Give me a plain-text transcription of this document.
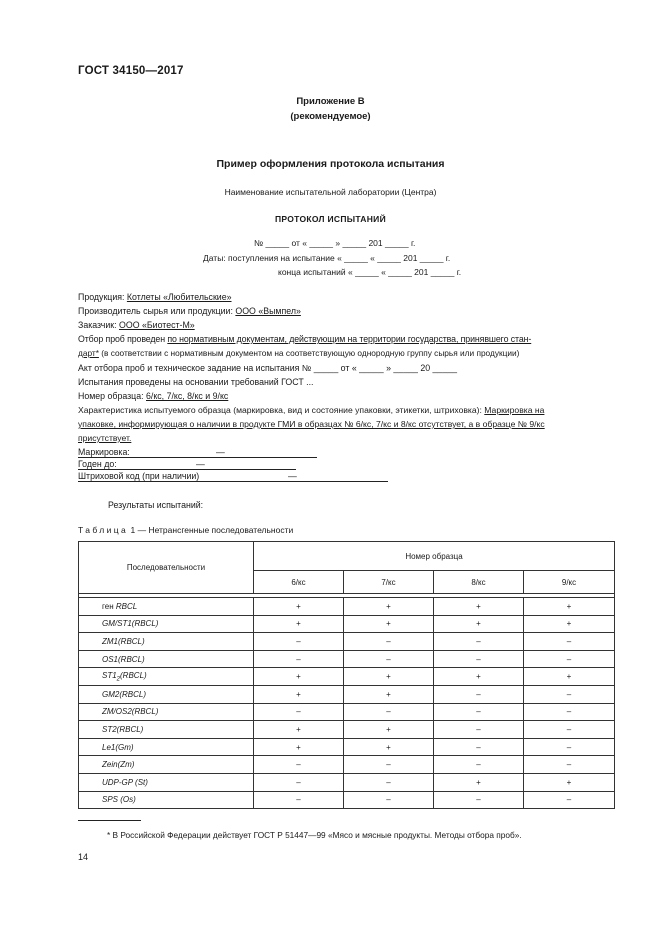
ГОСТ 34150—2017
Приложение В
(рекомендуемое)
Пример оформления протокола испытания
Наименование испытательной лаборатории (Центра)
ПРОТОКОЛ ИСПЫТАНИЙ
№ _____ от « _____ » _____ 201 _____ г.
Даты: поступления на испытание « _____ « _____ 201 _____ г.
конца испытаний « _____ « _____ 201 _____ г.
Продукция: Котлеты «Любительские»
Производитель сырья или продукции: ООО «Вымпел»
Заказчик: ООО «Биотест-М»
Отбор проб проведен по нормативным документам, действующим на территории государства, принявшего стан-
дарт* (в соответствии с нормативным документом на соответствующую однородную группу сырья или продукции)
Акт отбора проб и техническое задание на испытания № _____ от « _____ » _____ 20 _____
Испытания проведены на основании требований ГОСТ ...
Номер образца: 6/кс, 7/кс, 8/кс и 9/кс
Характеристика испытуемого образца (маркировка, вид и состояние упаковки, этикетки, штриховка): Маркировка на
упаковке, информирующая о наличии в продукте ГМИ в образцах № 6/кс, 7/кс и 8/кс отсутствует, а в образце № 9/кс
присутствует.
Маркировка:	—
Годен до:	—
Штриховой код (при наличии)	—
Результаты испытаний:
Таблица 1 — Нетрансгенные последовательности
Последовательности	Номер образца			
	6/кс	7/кс	8/кс	9/кс

ген RBCL	+	+	+	+
GM/ST1(RBCL)	+	+	+	+
ZM1(RBCL)	–	–	–	–
OS1(RBCL)	–	–	–	–
$ST1_2(RBCL)$	+	+	+	+
GM2(RBCL)	+	+	–	–
ZM/OS2(RBCL)	–	–	–	–
ST2(RBCL)	+	+	–	–
Le1(Gm)	+	+	–	–
Zein(Zm)	–	–	–	–
UDP-GP (St)	–	–	+	+
SPS (Os)	–	–	–	–
* В Российской Федерации действует ГОСТ Р 51447—99 «Мясо и мясные продукты. Методы отбора проб».
14
